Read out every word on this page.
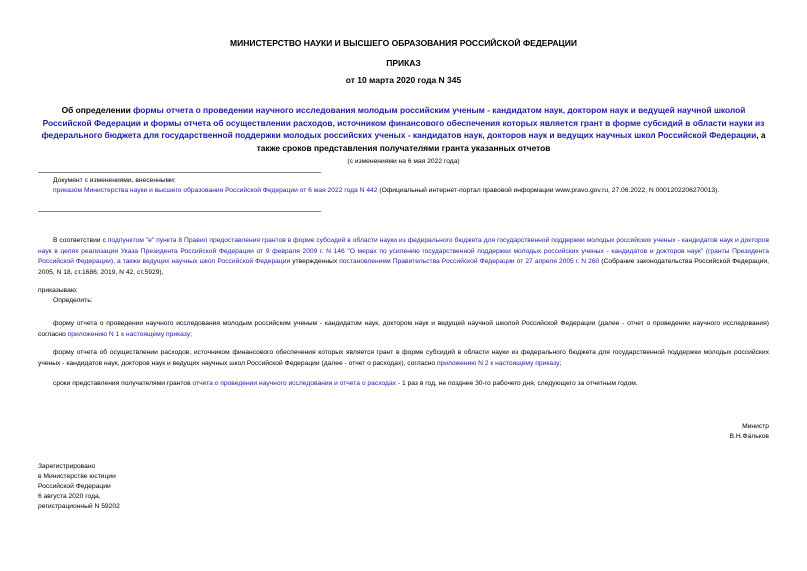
МИНИСТЕРСТВО НАУКИ И ВЫСШЕГО ОБРАЗОВАНИЯ РОССИЙСКОЙ ФЕДЕРАЦИИ
ПРИКАЗ
от 10 марта 2020 года N 345
Об определении формы отчета о проведении научного исследования молодым российским ученым - кандидатом наук, доктором наук и ведущей научной школой Российской Федерации и формы отчета об осуществлении расходов, источником финансового обеспечения которых является грант в форме субсидий в области науки из федерального бюджета для государственной поддержки молодых российских ученых - кандидатов наук, докторов наук и ведущих научных школ Российской Федерации, а также сроков представления получателями гранта указанных отчетов
(с изменениями на 6 мая 2022 года)
Документ с изменениями, внесенными:
приказом Министерства науки и высшего образования Российской Федерации от 6 мая 2022 года N 442 (Официальный интернет-портал правовой информации www.pravo.gov.ru, 27.06.2022, N 0001202206270013).
В соответствии с подпунктом "е" пункта 8 Правил предоставления грантов в форме субсидий в области науки из федерального бюджета для государственной поддержки молодых российских ученых - кандидатов наук и докторов наук в целях реализации Указа Президента Российской Федерации от 9 февраля 2009 г. N 146 "О мерах по усилению государственной поддержки молодых российских ученых - кандидатов и докторов наук" (гранты Президента Российской Федерации), а также ведущих научных школ Российской Федерации утвержденных постановлением Правительства Российской Федерации от 27 апреля 2005 г. N 260 (Собрание законодательства Российской Федерации, 2005, N 18, ст.1686; 2019, N 42, ст.5929),
приказываю:
Определить:
форму отчета о проведении научного исследования молодым российским ученым - кандидатом наук, доктором наук и ведущей научной школой Российской Федерации (далее - отчет о проведении научного исследования) согласно приложению N 1 к настоящему приказу;
форму отчета об осуществлении расходов, источником финансового обеспечения которых является грант в форме субсидий в области науки из федерального бюджета для государственной поддержки молодых российских ученых - кандидатов наук, докторов наук и ведущих научных школ Российской Федерации (далее - отчет о расходах), согласно приложению N 2 к настоящему приказу;
сроки представления получателями грантов отчета о проведении научного исследования и отчета о расходах - 1 раз в год, не позднее 30-го рабочего дня, следующего за отчетным годом.
Министр
В.Н.Фальков
Зарегистрировано
в Министерстве юстиции
Российской Федерации
6 августа 2020 года,
регистрационный N 59202
